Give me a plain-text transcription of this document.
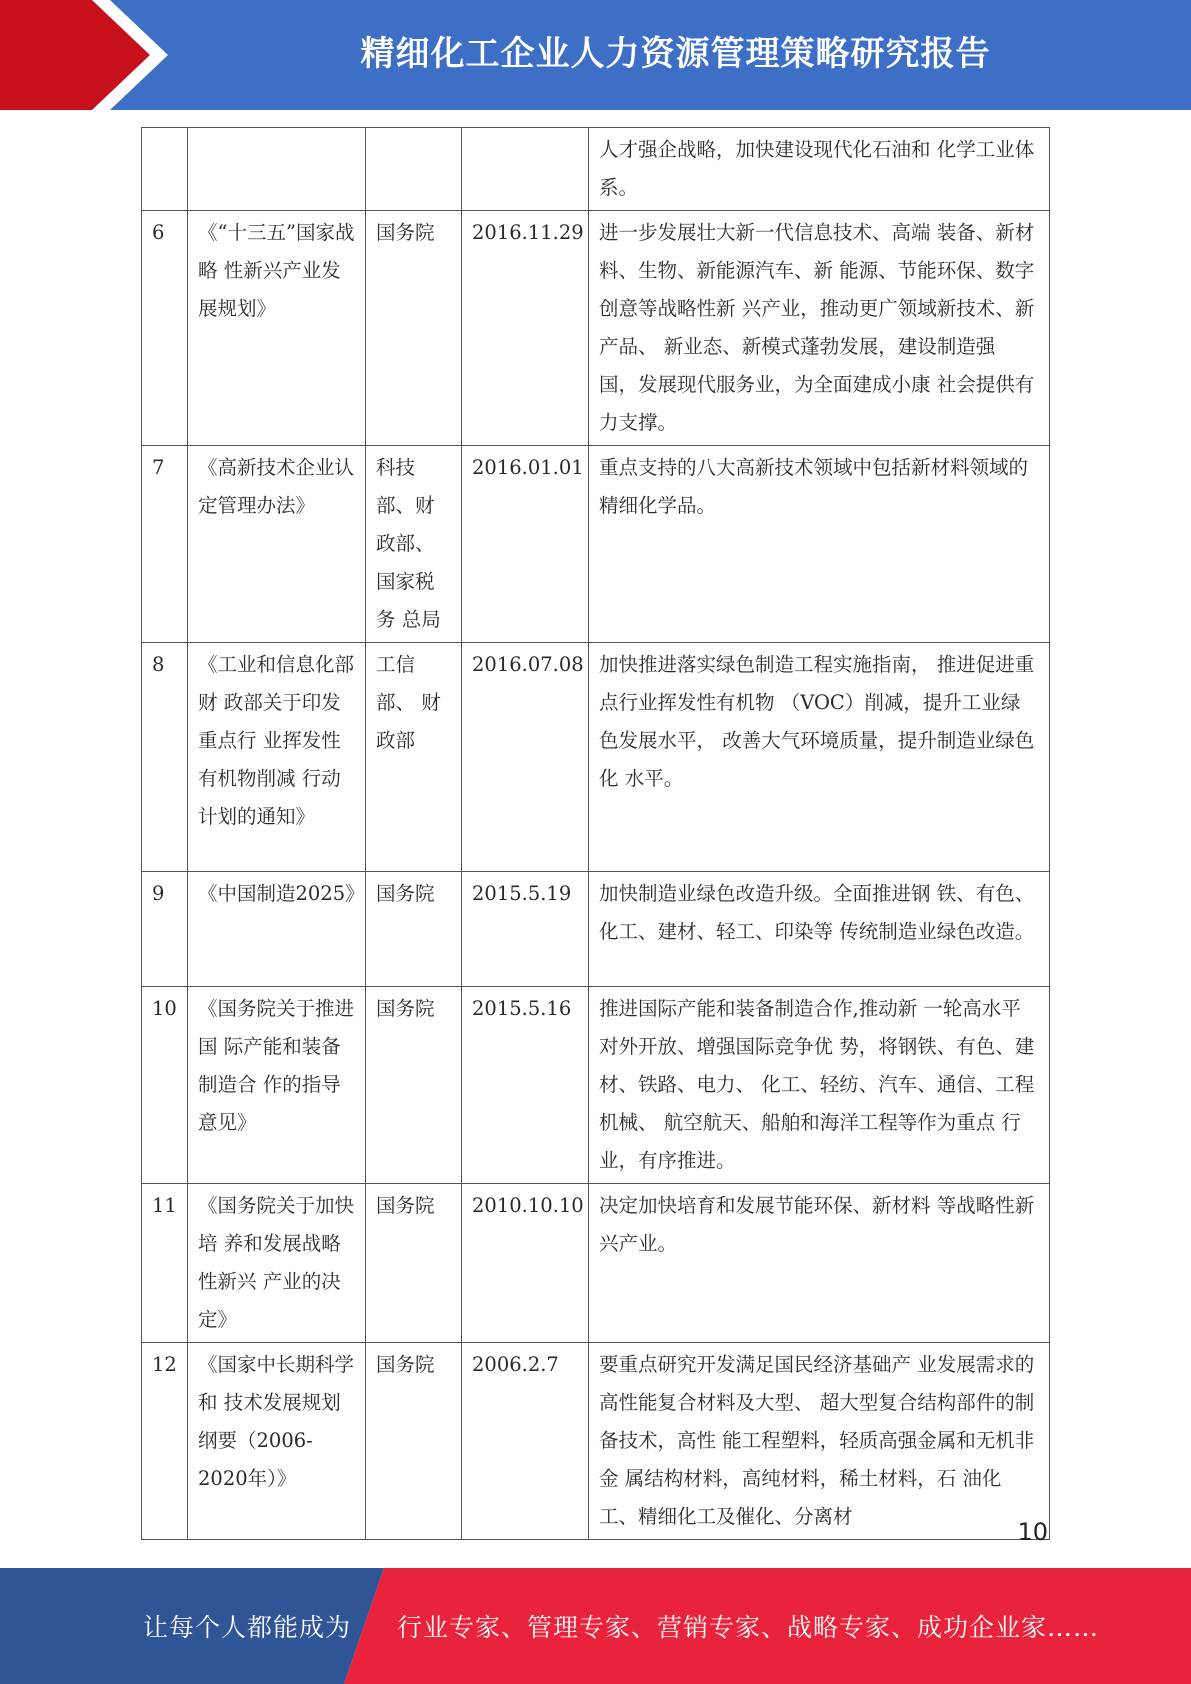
精细化工企业人力资源管理策略研究报告

				人才强企战略，加快建设现代化石油和 化学工业体系。

6	《“十三五”国家战略 性新兴产业发展规划》	国务院	2016.11.29	进一步发展壮大新一代信息技术、高端 装备、新材料、生物、新能源汽车、新 能源、节能环保、数字创意等战略性新 兴产业，推动更广领域新技术、新产品、 新业态、新模式蓬勃发展，建设制造强 国，发展现代服务业，为全面建成小康 社会提供有力支撑。

7	《高新技术企业认定管理办法》	科技部、财政部、国家税务 总局	2016.01.01	重点支持的八大高新技术领域中包括新材料领域的精细化学品。

8	《工业和信息化部财 政部关于印发重点行 业挥发性有机物削减 行动计划的通知》	工信部、 财政部	2016.07.08	加快推进落实绿色制造工程实施指南， 推进促进重点行业挥发性有机物 （VOC）削减，提升工业绿色发展水平， 改善大气环境质量，提升制造业绿色化 水平。

9	《中国制造2025》	国务院	2015.5.19	加快制造业绿色改造升级。全面推进钢 铁、有色、化工、建材、轻工、印染等 传统制造业绿色改造。

10	《国务院关于推进国 际产能和装备制造合 作的指导意见》	国务院	2015.5.16	推进国际产能和装备制造合作,推动新 一轮高水平对外开放、增强国际竞争优 势，将钢铁、有色、建材、铁路、电力、 化工、轻纺、汽车、通信、工程机械、 航空航天、船舶和海洋工程等作为重点 行业，有序推进。

11	《国务院关于加快培 养和发展战略性新兴 产业的决定》	国务院	2010.10.10	决定加快培育和发展节能环保、新材料 等战略性新兴产业。

12	《国家中长期科学和 技术发展规划纲要（2006-2020年）》	国务院	2006.2.7	要重点研究开发满足国民经济基础产 业发展需求的高性能复合材料及大型、 超大型复合结构部件的制备技术，高性 能工程塑料，轻质高强金属和无机非金 属结构材料，高纯材料，稀土材料，石 油化工、精细化工及催化、分离材
10
让每个人都能成为 行业专家、管理专家、营销专家、战略专家、成功企业家……
